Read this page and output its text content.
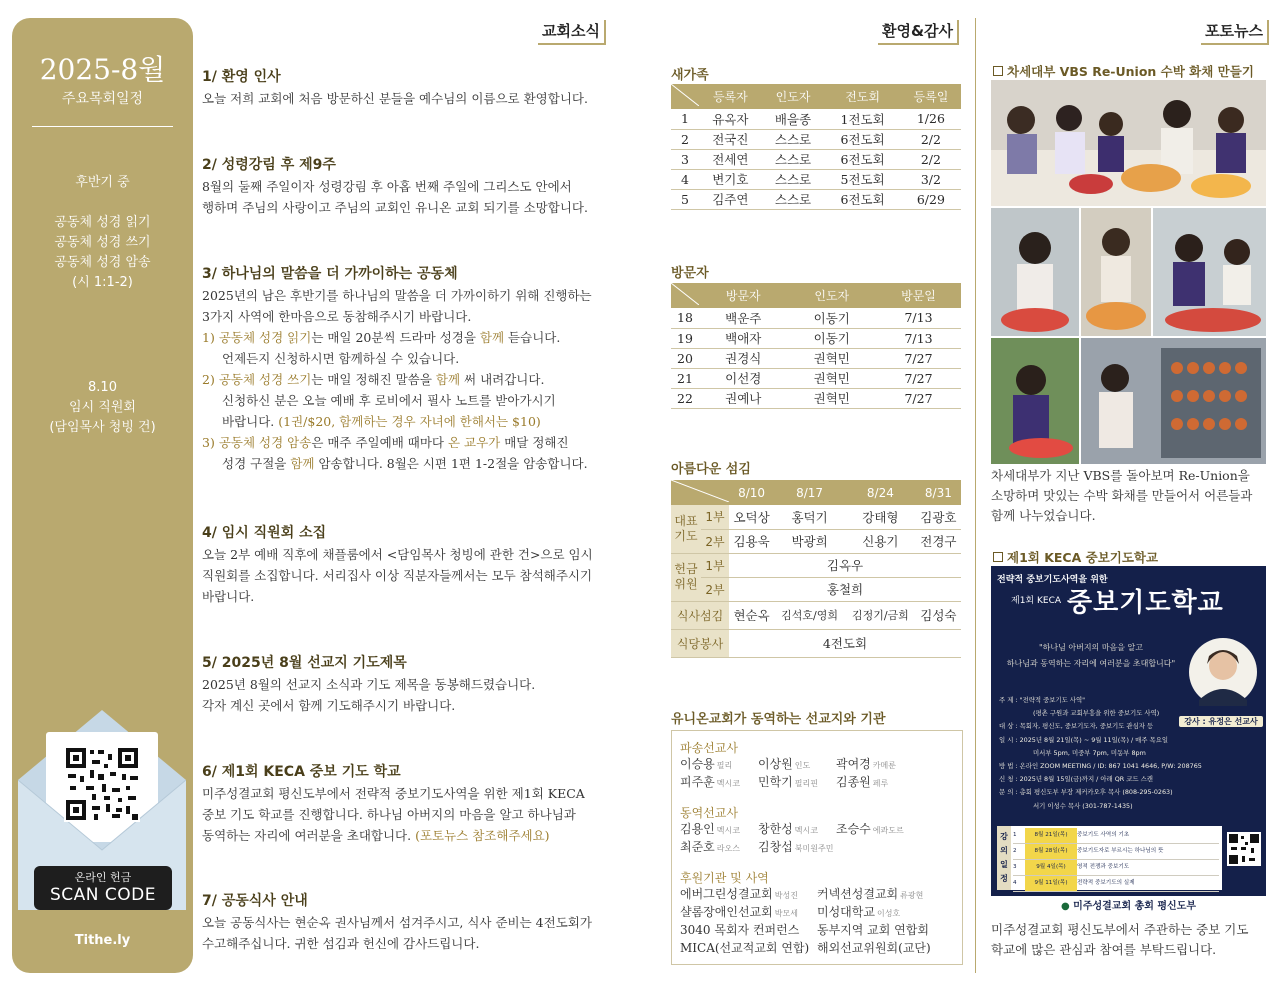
2025-8월
주요목회일정
후반기 중
공동체 성경 읽기
공동체 성경 쓰기
공동체 성경 암송
(시 1:1-2)
8.10
임시 직원회
(담임목사 청빙 건)
온라인 헌금
SCAN CODE
Tithe.ly
교회소식	환영&감사	포토뉴스
1/ 환영 인사
오늘 저희 교회에 처음 방문하신 분들을 예수님의 이름으로 환영합니다.
2/ 성령강림 후 제9주
8월의 둘째 주일이자 성령강림 후 아홉 번째 주일에 그리스도 안에서
행하며 주님의 사랑이고 주님의 교회인 유니온 교회 되기를 소망합니다.
3/ 하나님의 말씀을 더 가까이하는 공동체
2025년의 남은 후반기를 하나님의 말씀을 더 가까이하기 위해 진행하는
3가지 사역에 한마음으로 동참해주시기 바랍니다.
1) 공동체 성경 읽기는 매일 20분씩 드라마 성경을 함께 듣습니다.
언제든지 신청하시면 함께하실 수 있습니다.
2) 공동체 성경 쓰기는 매일 정해진 말씀을 함께 써 내려갑니다.
신청하신 분은 오늘 예배 후 로비에서 필사 노트를 받아가시기
바랍니다. (1권/$20, 함께하는 경우 자녀에 한해서는 $10)
3) 공동체 성경 암송은 매주 주일예배 때마다 온 교우가 매달 정해진
성경 구절을 함께 암송합니다. 8월은 시편 1편 1-2절을 암송합니다.
4/ 임시 직원회 소집
오늘 2부 예배 직후에 채플룸에서 <담임목사 청빙에 관한 건>으로 임시
직원회를 소집합니다. 서리집사 이상 직분자들께서는 모두 참석해주시기
바랍니다.
5/ 2025년 8월 선교지 기도제목
2025년 8월의 선교지 소식과 기도 제목을 동봉해드렸습니다.
각자 계신 곳에서 함께 기도해주시기 바랍니다.
6/ 제1회 KECA 중보 기도 학교
미주성결교회 평신도부에서 전략적 중보기도사역을 위한 제1회 KECA
중보 기도 학교를 진행합니다. 하나님 아버지의 마음을 알고 하나님과
동역하는 자리에 여러분을 초대합니다. (포토뉴스 참조해주세요)
7/ 공동식사 안내
오늘 공동식사는 현순옥 권사님께서 섬겨주시고, 식사 준비는 4전도회가
수고해주십니다. 귀한 섬김과 헌신에 감사드립니다.
새가족
	등록자	인도자	전도회	등록일
1	유옥자	배을종	1전도회	1/26
2	전국진	스스로	6전도회	2/2
3	전세연	스스로	6전도회	2/2
4	변기호	스스로	5전도회	3/2
5	김주연	스스로	6전도회	6/29
방문자
	방문자	인도자	방문일
18	백운주	이동기	7/13
19	백애자	이동기	7/13
20	권경식	권혁민	7/27
21	이선경	권혁민	7/27
22	권예나	권혁민	7/27
아름다운 섬김
	8/10	8/17	8/24	8/31
대표기도	1부	오덕상	홍덕기	강태형	김광호
	2부	김용욱	박광희	신용기	전경구
헌금위원	1부	김옥우			
	2부	홍철희			
식사섬김		현순옥	김석호/영희	김정기/금희	김성숙
식당봉사		4전도회			
유니온교회가 동역하는 선교지와 기관
파송선교사
이승용 필리	이상원 인도	곽여경 카메룬
피주훈 멕시코	민학기 필리핀	김종원 페루
동역선교사
김용인 멕시코	창한성 멕시코	조승수 에콰도르
최준호 라오스	김창섭 북미원주민
후원기관 및 사역
에버그린성결교회 박성진	커넥션성결교회 류광현
샬롬장애인선교회 박모세	미성대학교 이성호
3040 목회자 컨퍼런스	동부지역 교회 연합회
MICA(선교적교회 연합) 해외선교위원회(교단)
차세대부 VBS Re-Union 수박 화채 만들기
차세대부가 지난 VBS를 돌아보며 Re-Union을
소망하며 맛있는 수박 화채를 만들어서 어른들과
함께 나누었습니다.
제1회 KECA 중보기도학교
전략적 중보기도사역을 위한
제1회 KECA 중보기도학교
"하나님 아버지의 마음을 알고
하나님과 동역하는 자리에 여러분을 초대합니다"
강사 : 유정은 선교사
주 제 : "전략적 중보기도 사역"
(평촌 구원과 교회부흥을 위한 중보기도 사역)
대 상 : 목회자, 평신도, 중보기도자, 중보기도 관심자 등
일 시 : 2025년 8월 21일(목) ~ 9월 11일(목) / 매주 목요일
미서부 5pm, 미중부 7pm, 미동부 8pm
방 법 : 온라인 ZOOM MEETING / ID: 867 1041 4646, P/W: 208765
신 청 : 2025년 8월 15일(금)까지 / 아래 QR 코드 스캔
문 의 : 총회 평신도부 부장 제커카오후 목사 (808-295-0263)
서기 이성수 목사 (301-787-1435)
강의일정
1	8월 21일(목)	중보기도 사역의 기초
2	8월 28일(목)	중보기도자로 부르시는 하나님의 뜻
3	9월 4일(목)	영적 전쟁과 중보기도
4	9월 11일(목)	전략적 중보기도의 실제
● 미주성결교회 총회 평신도부
미주성결교회 평신도부에서 주관하는 중보 기도
학교에 많은 관심과 참여를 부탁드립니다.
